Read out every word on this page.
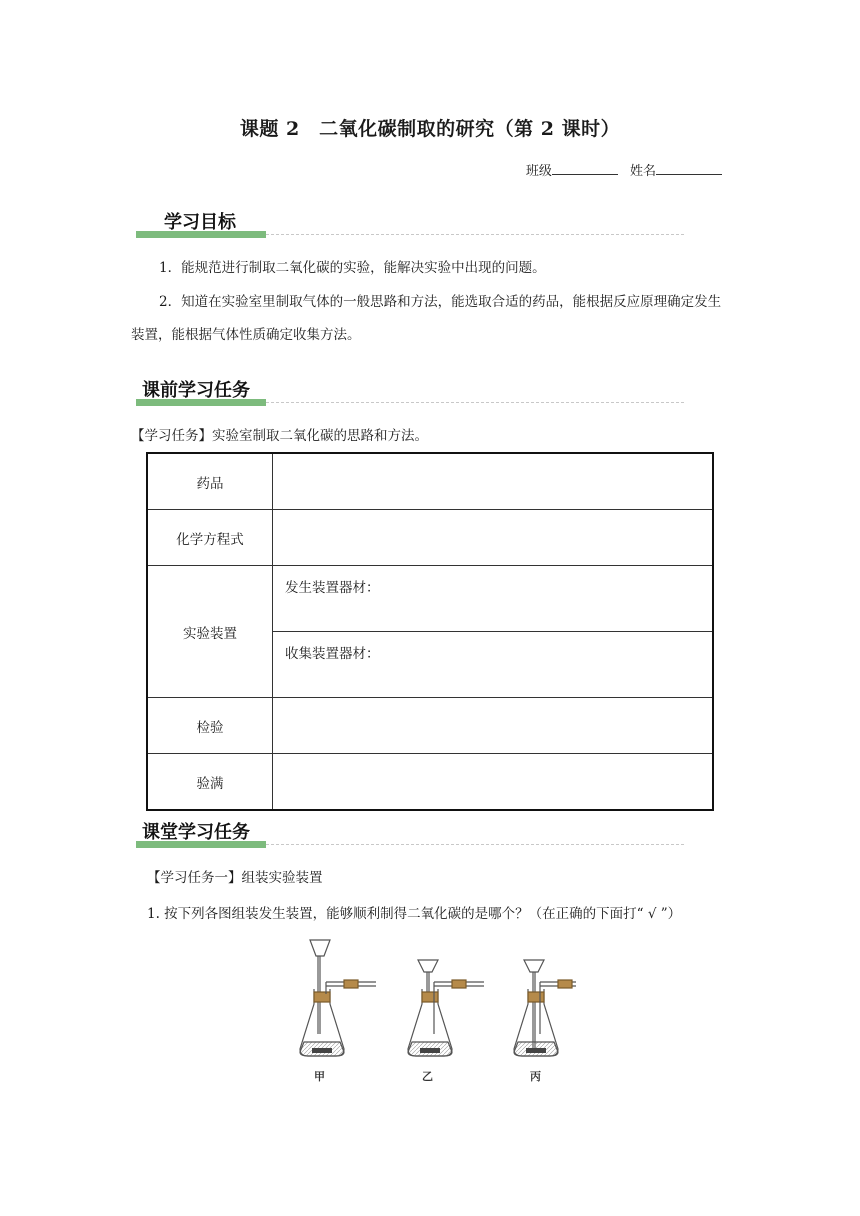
课题 2　二氧化碳制取的研究（第 2 课时）
班级	姓名
学习目标
1．能规范进行制取二氧化碳的实验，能解决实验中出现的问题。
2．知道在实验室里制取气体的一般思路和方法，能选取合适的药品，能根据反应原理确定发生装置，能根据气体性质确定收集方法。
课前学习任务
【学习任务】实验室制取二氧化碳的思路和方法。
药品	
化学方程式	
实验装置	发生装置器材：
	收集装置器材：
检验	
验满	
课堂学习任务
【学习任务一】组装实验装置
1. 按下列各图组装发生装置，能够顺利制得二氧化碳的是哪个？（在正确的下面打“ √ ”）
甲	乙	丙
